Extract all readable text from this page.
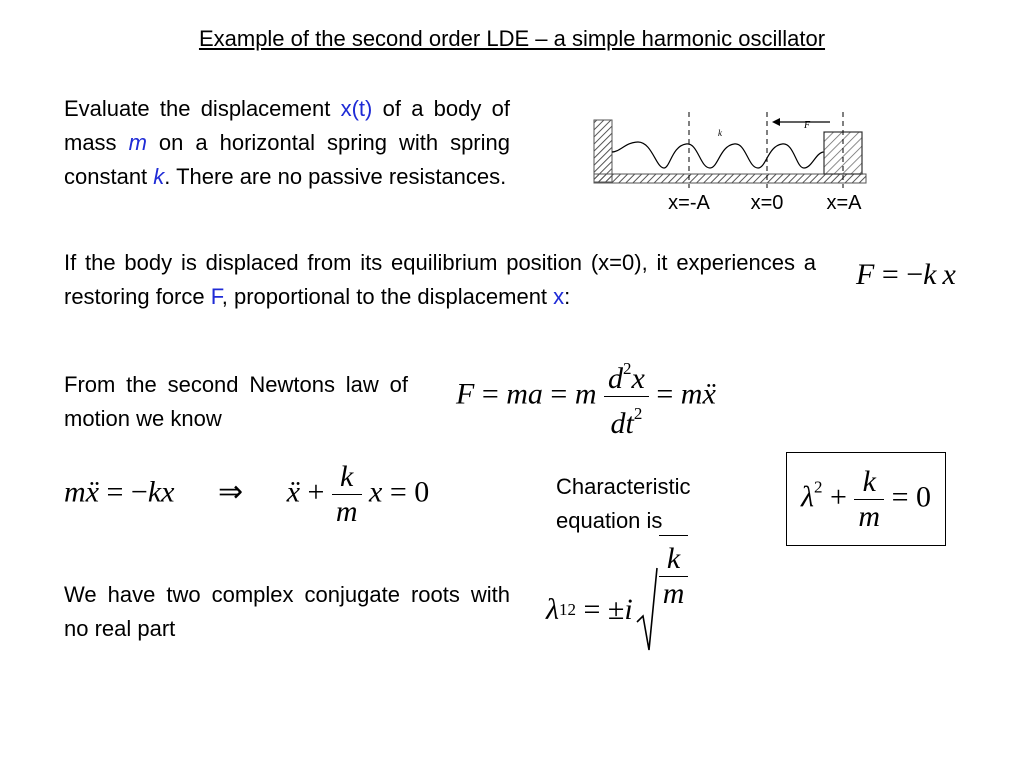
Example of the second order LDE – a simple harmonic oscillator
Evaluate the displacement x(t) of a body of mass m on a horizontal spring with spring constant k. There are no passive resistances.
F
k
x=-A x=0 x=A
If the body is displaced from its equilibrium position (x=0), it experiences a restoring force F, proportional to the displacement x:
F = −k  x
From the second Newtons law of motion we know
F = ma = m $\frac{d^2x}{dt^2}$ = mẍ
mẍ = −kx ⇒ ẍ + $\frac{k}{m}$ x = 0	Characteristic equation is
$\lambda^2 + \frac{k}{m} = 0$
We have two complex conjugate roots with no real part
λ 12 = ± i $\frac{k}{m}$
